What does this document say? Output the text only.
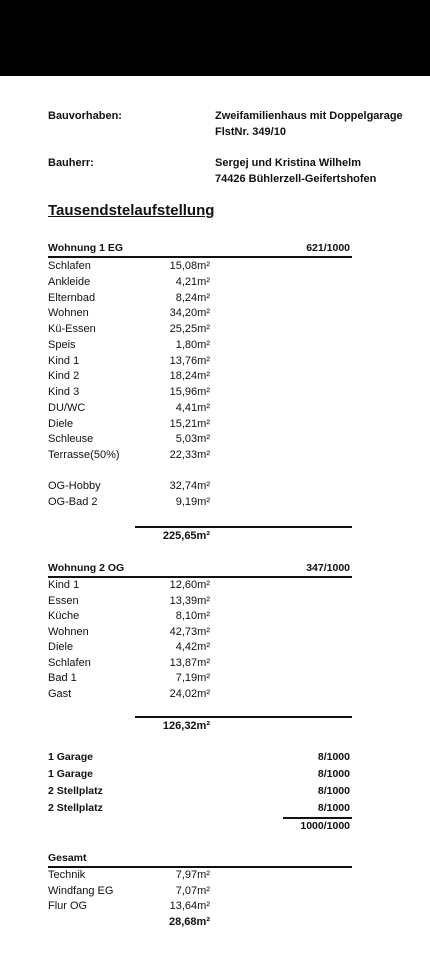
Bauvorhaben:	Zweifamilienhaus mit Doppelgarage
FlstNr. 349/10
Bauherr:	Sergej und Kristina Wilhelm
74426 Bühlerzell-Geifertshofen
Tausendstelaufstellung
Wohnung 1 EG	621/1000
Schlafen	15,08m²
Ankleide	4,21m²
Elternbad	8,24m²
Wohnen	34,20m²
Kü-Essen	25,25m²
Speis	1,80m²
Kind 1	13,76m²
Kind 2	18,24m²
Kind 3	15,96m²
DU/WC	4,41m²
Diele	15,21m²
Schleuse	5,03m²
Terrasse(50%)	22,33m²
OG-Hobby	32,74m²
OG-Bad 2	9,19m²
225,65m²
Wohnung 2 OG	347/1000
Kind 1	12,60m²
Essen	13,39m²
Küche	8,10m²
Wohnen	42,73m²
Diele	4,42m²
Schlafen	13,87m²
Bad 1	7,19m²
Gast	24,02m²
126,32m²
1 Garage	8/1000
1 Garage	8/1000
2 Stellplatz	8/1000
2 Stellplatz	8/1000
1000/1000
Gesamt
Technik	7,97m²
Windfang EG	7,07m²
Flur OG	13,64m²
28,68m²
